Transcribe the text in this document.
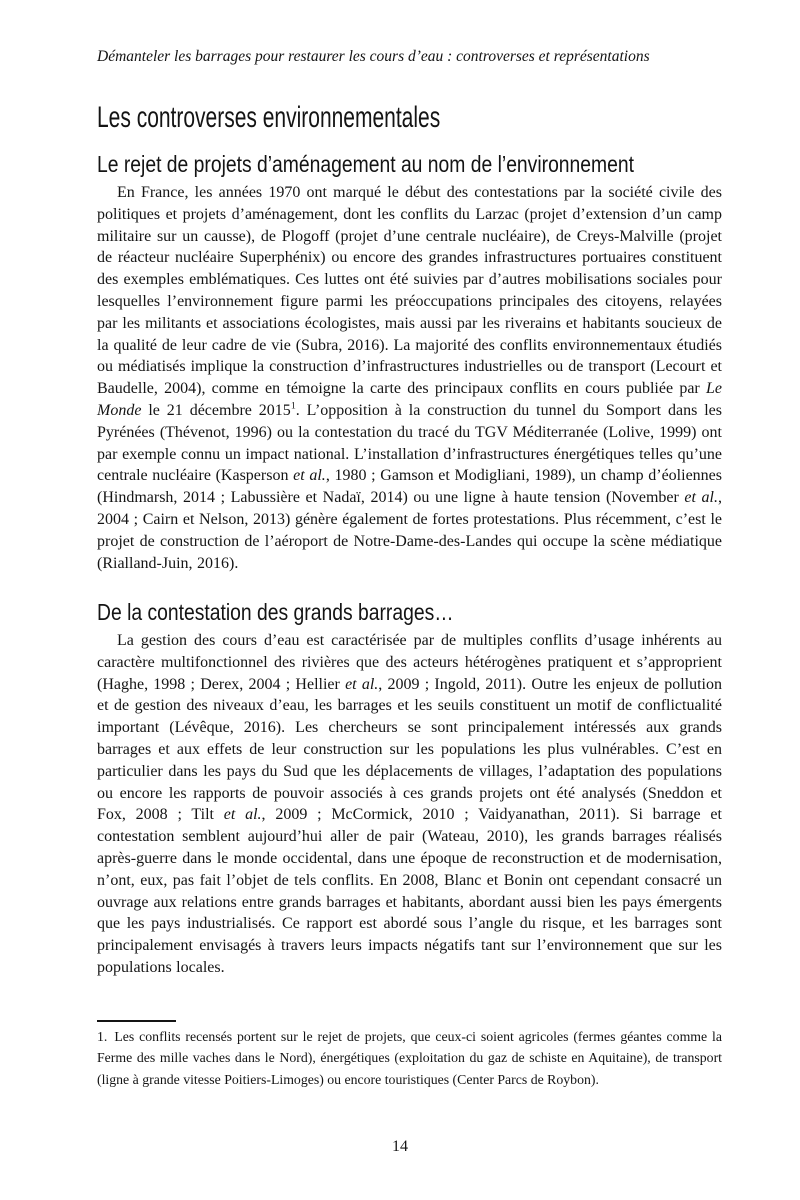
Démanteler les barrages pour restaurer les cours d’eau : controverses et représentations
Les controverses environnementales
Le rejet de projets d’aménagement au nom de l’environnement

En France, les années 1970 ont marqué le début des contestations par la société civile des politiques et projets d’aménagement, dont les conflits du Larzac (projet d’extension d’un camp militaire sur un causse), de Plogoff (projet d’une centrale nucléaire), de Creys-Malville (projet de réacteur nucléaire Superphénix) ou encore des grandes infrastructures portuaires constituent des exemples emblématiques. Ces luttes ont été suivies par d’autres mobilisations sociales pour lesquelles l’environnement figure parmi les préoccupations principales des citoyens, relayées par les militants et associations écologistes, mais aussi par les riverains et habitants soucieux de la qualité de leur cadre de vie (Subra, 2016). La majorité des conflits environnementaux étudiés ou médiatisés implique la construction d’infrastructures industrielles ou de transport (Lecourt et Baudelle, 2004), comme en témoigne la carte des principaux conflits en cours publiée par Le Monde le 21 décembre 2015$^1$. L’opposition à la construction du tunnel du Somport dans les Pyrénées (Thévenot, 1996) ou la contestation du tracé du TGV Méditerranée (Lolive, 1999) ont par exemple connu un impact national. L’installation d’infrastructures énergétiques telles qu’une centrale nucléaire (Kasperson et al., 1980 ; Gamson et Modigliani, 1989), un champ d’éoliennes (Hindmarsh, 2014 ; Labussière et Nadaï, 2014) ou une ligne à haute tension (November et al., 2004 ; Cairn et Nelson, 2013) génère également de fortes protestations. Plus récemment, c’est le projet de construction de l’aéroport de Notre-Dame-des-Landes qui occupe la scène médiatique (Rialland-Juin, 2016).

De la contestation des grands barrages…

La gestion des cours d’eau est caractérisée par de multiples conflits d’usage inhérents au caractère multifonctionnel des rivières que des acteurs hétérogènes pratiquent et s’approprient (Haghe, 1998 ; Derex, 2004 ; Hellier et al., 2009 ; Ingold, 2011). Outre les enjeux de pollution et de gestion des niveaux d’eau, les barrages et les seuils constituent un motif de conflictualité important (Lévêque, 2016). Les chercheurs se sont principalement intéressés aux grands barrages et aux effets de leur construction sur les populations les plus vulnérables. C’est en particulier dans les pays du Sud que les déplacements de villages, l’adaptation des populations ou encore les rapports de pouvoir associés à ces grands projets ont été analysés (Sneddon et Fox, 2008 ; Tilt et al., 2009 ; McCormick, 2010 ; Vaidyanathan, 2011). Si barrage et contestation semblent aujourd’hui aller de pair (Wateau, 2010), les grands barrages réalisés après-guerre dans le monde occidental, dans une époque de reconstruction et de modernisation, n’ont, eux, pas fait l’objet de tels conflits. En 2008, Blanc et Bonin ont cependant consacré un ouvrage aux relations entre grands barrages et habitants, abordant aussi bien les pays émergents que les pays industrialisés. Ce rapport est abordé sous l’angle du risque, et les barrages sont principalement envisagés à travers leurs impacts négatifs tant sur l’environnement que sur les populations locales.

1. Les conflits recensés portent sur le rejet de projets, que ceux-ci soient agricoles (fermes géantes comme la Ferme des mille vaches dans le Nord), énergétiques (exploitation du gaz de schiste en Aquitaine), de transport (ligne à grande vitesse Poitiers-Limoges) ou encore touristiques (Center Parcs de Roybon).
14
